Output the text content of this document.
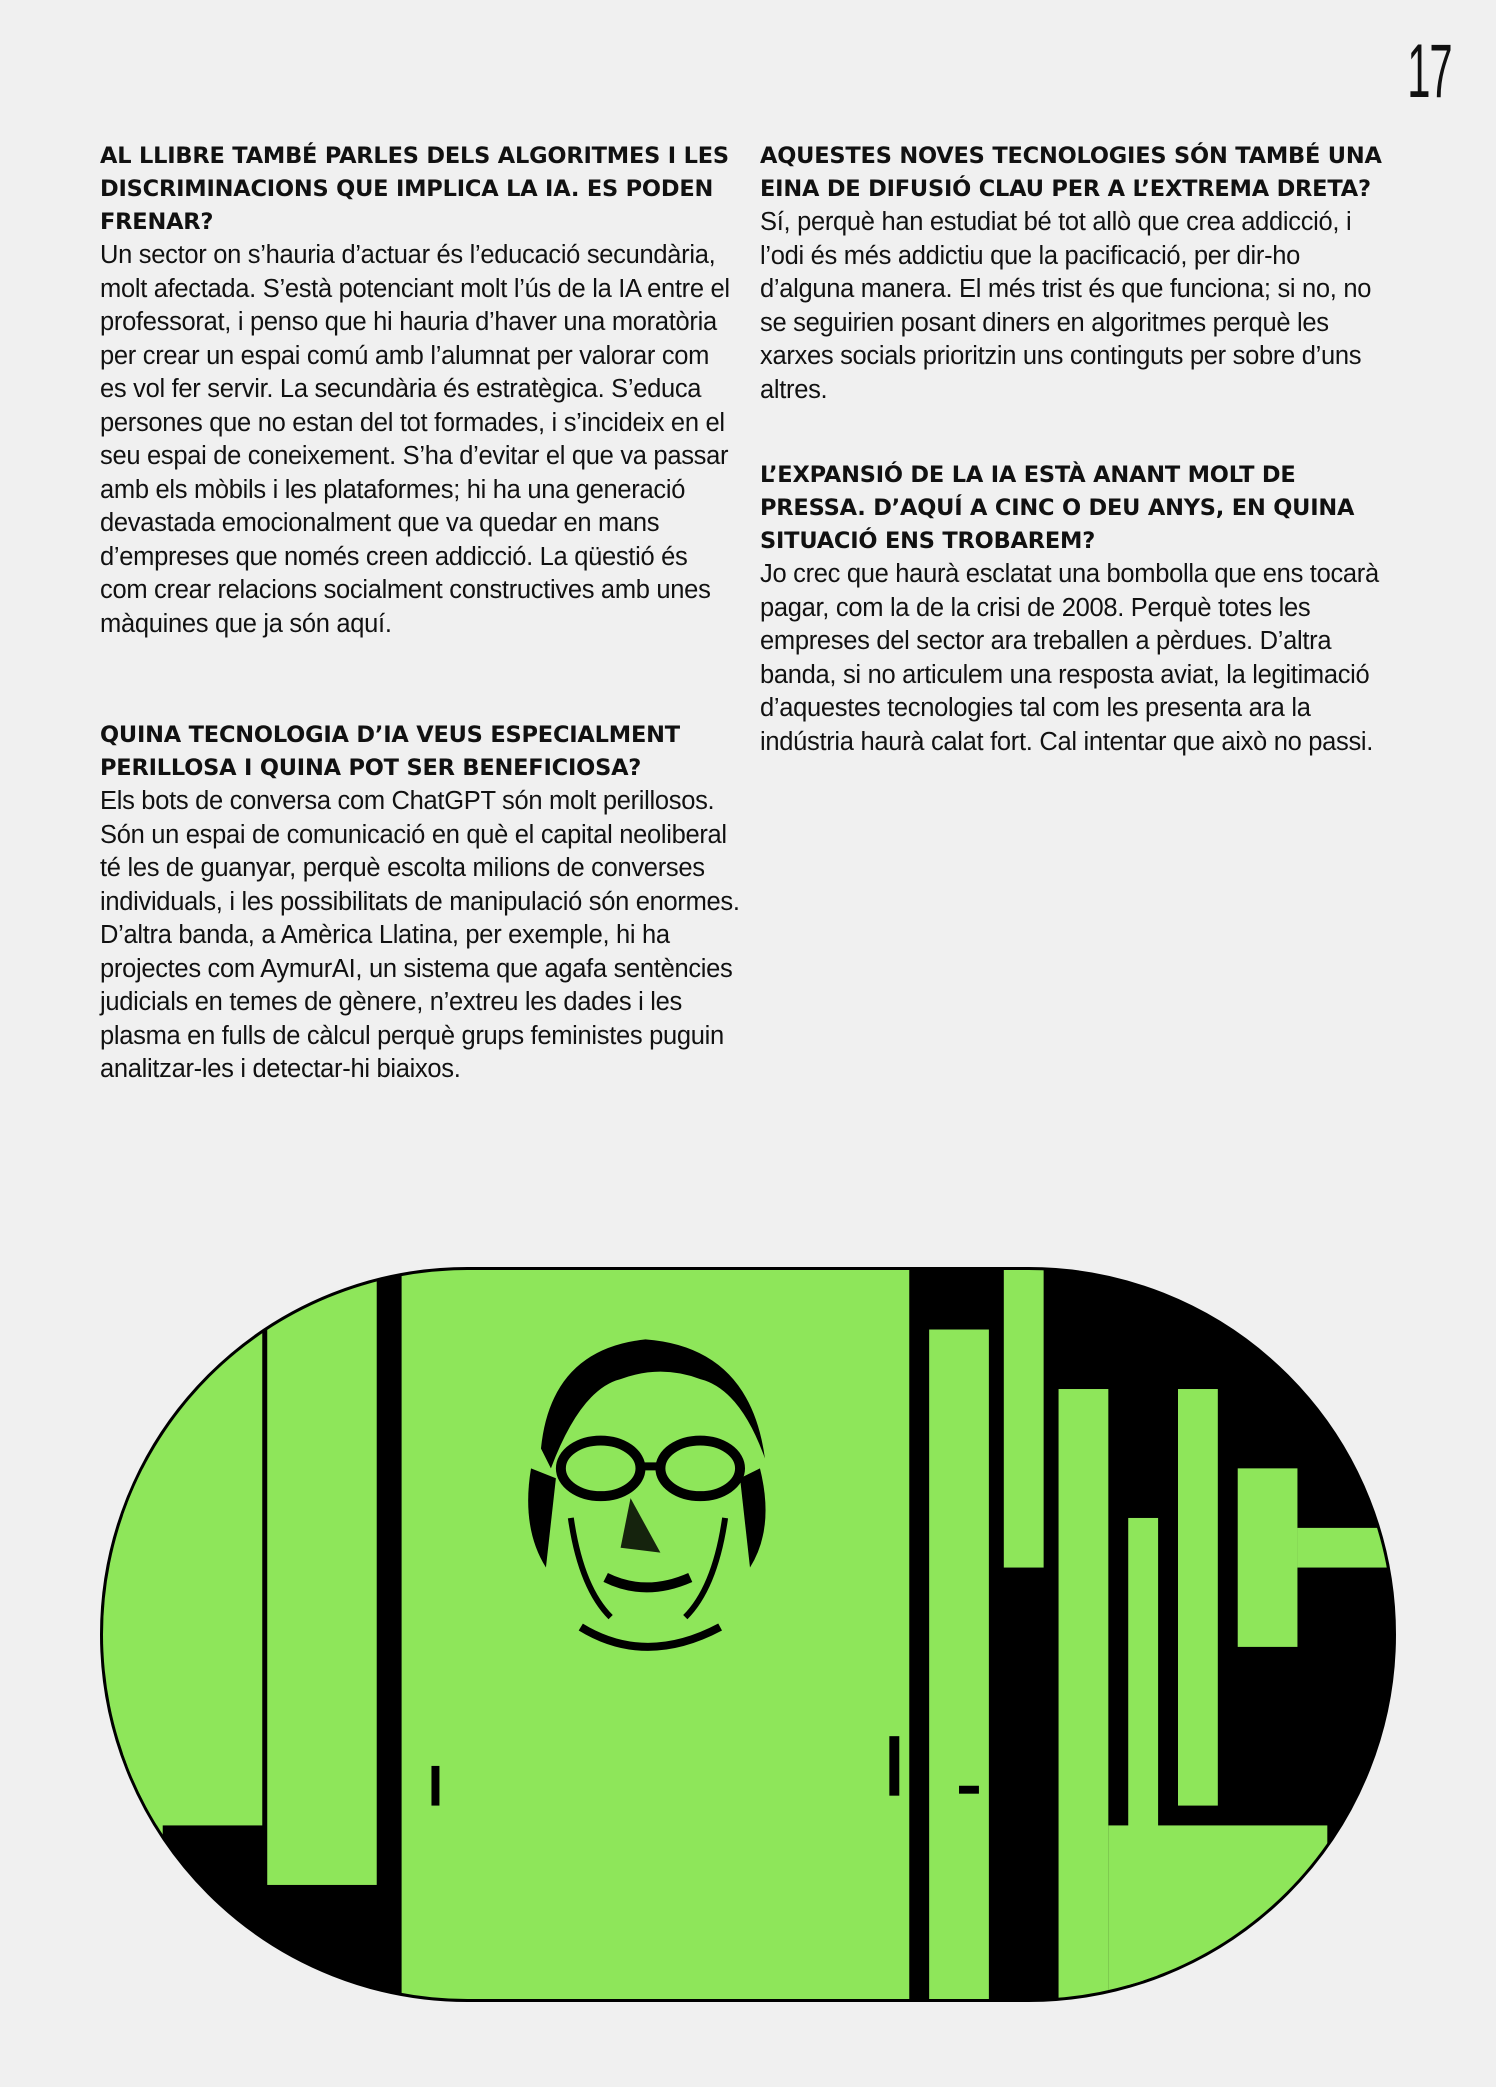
17

AL LLIBRE TAMBÉ PARLES DELS ALGORITMES I LES DISCRIMINACIONS QUE IMPLICA LA IA. ES PODEN FRENAR?

Un sector on s’hauria d’actuar és l’educació secundària, molt afectada. S’està potenciant molt l’ús de la IA entre el professorat, i penso que hi hauria d’haver una moratòria per crear un espai comú amb l’alumnat per valorar com es vol fer servir. La secundària és estratègica. S’educa persones que no estan del tot formades, i s’incideix en el seu espai de coneixement. S’ha d’evitar el que va passar amb els mòbils i les plataformes; hi ha una generació devastada emocionalment que va quedar en mans d’empreses que només creen addicció. La qüestió és com crear relacions socialment constructives amb unes màquines que ja són aquí.

QUINA TECNOLOGIA D’IA VEUS ESPECIALMENT PERILLOSA I QUINA POT SER BENEFICIOSA?

Els bots de conversa com ChatGPT són molt perillosos. Són un espai de comunicació en què el capital neoliberal té les de guanyar, perquè escolta milions de converses individuals, i les possibilitats de manipulació són enormes. D’altra banda, a Amèrica Llatina, per exemple, hi ha projectes com AymurAI, un sistema que agafa sentències judicials en temes de gènere, n’extreu les dades i les plasma en fulls de càlcul perquè grups feministes puguin analitzar-les i detectar-hi biaixos.

AQUESTES NOVES TECNOLOGIES SÓN TAMBÉ UNA EINA DE DIFUSIÓ CLAU PER A L’EXTREMA DRETA?

Sí, perquè han estudiat bé tot allò que crea addicció, i l’odi és més addictiu que la pacificació, per dir-ho d’alguna manera. El més trist és que funciona; si no, no se seguirien posant diners en algoritmes perquè les xarxes socials prioritzin uns continguts per sobre d’uns altres.

L’EXPANSIÓ DE LA IA ESTÀ ANANT MOLT DE PRESSA. D’AQUÍ A CINC O DEU ANYS, EN QUINA SITUACIÓ ENS TROBAREM?

Jo crec que haurà esclatat una bombolla que ens tocarà pagar, com la de la crisi de 2008. Perquè totes les empreses del sector ara treballen a pèrdues. D’altra banda, si no articulem una resposta aviat, la legitimació d’aquestes tecnologies tal com les presenta ara la indústria haurà calat fort. Cal intentar que això no passi.
